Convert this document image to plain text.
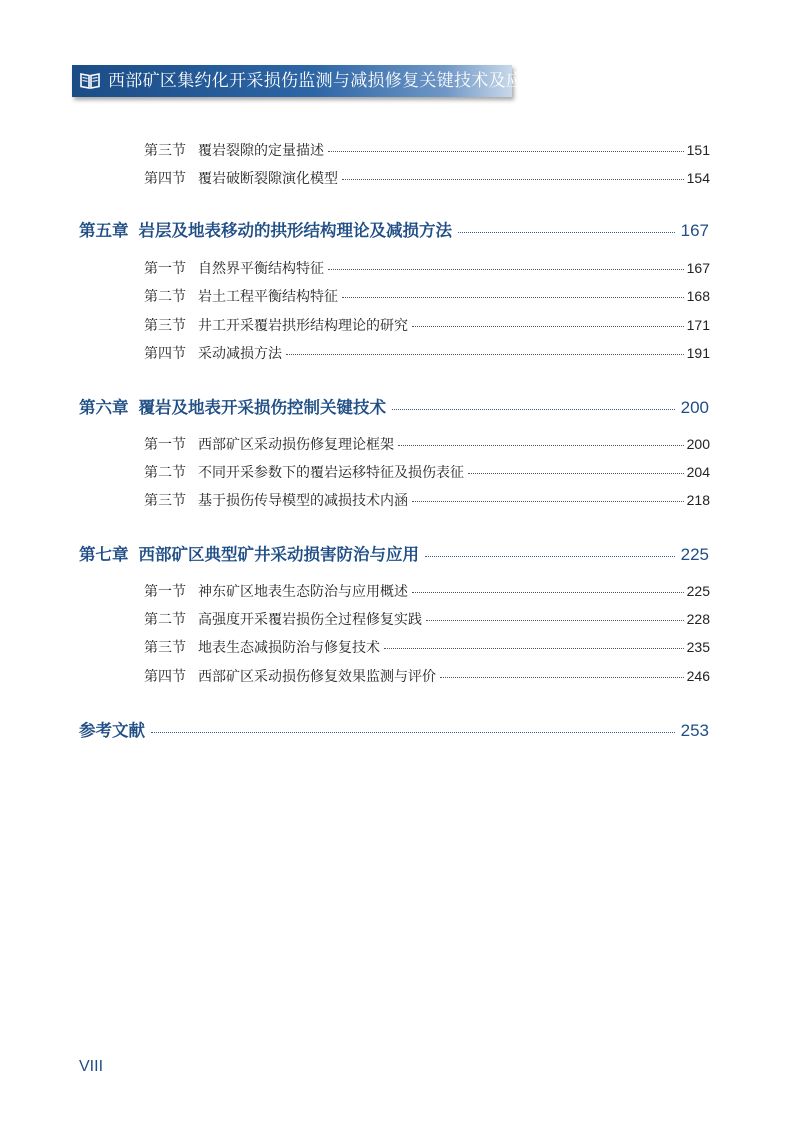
西部矿区集约化开采损伤监测与减损修复关键技术及应用
第三节 覆岩裂隙的定量描述	151
第四节 覆岩破断裂隙演化模型	154
第五章 岩层及地表移动的拱形结构理论及减损方法	167
第一节 自然界平衡结构特征	167
第二节 岩土工程平衡结构特征	168
第三节 井工开采覆岩拱形结构理论的研究	171
第四节 采动减损方法	191
第六章 覆岩及地表开采损伤控制关键技术	200
第一节 西部矿区采动损伤修复理论框架	200
第二节 不同开采参数下的覆岩运移特征及损伤表征	204
第三节 基于损伤传导模型的减损技术内涵	218
第七章 西部矿区典型矿井采动损害防治与应用	225
第一节 神东矿区地表生态防治与应用概述	225
第二节 高强度开采覆岩损伤全过程修复实践	228
第三节 地表生态减损防治与修复技术	235
第四节 西部矿区采动损伤修复效果监测与评价	246
参考文献	253
VIII
